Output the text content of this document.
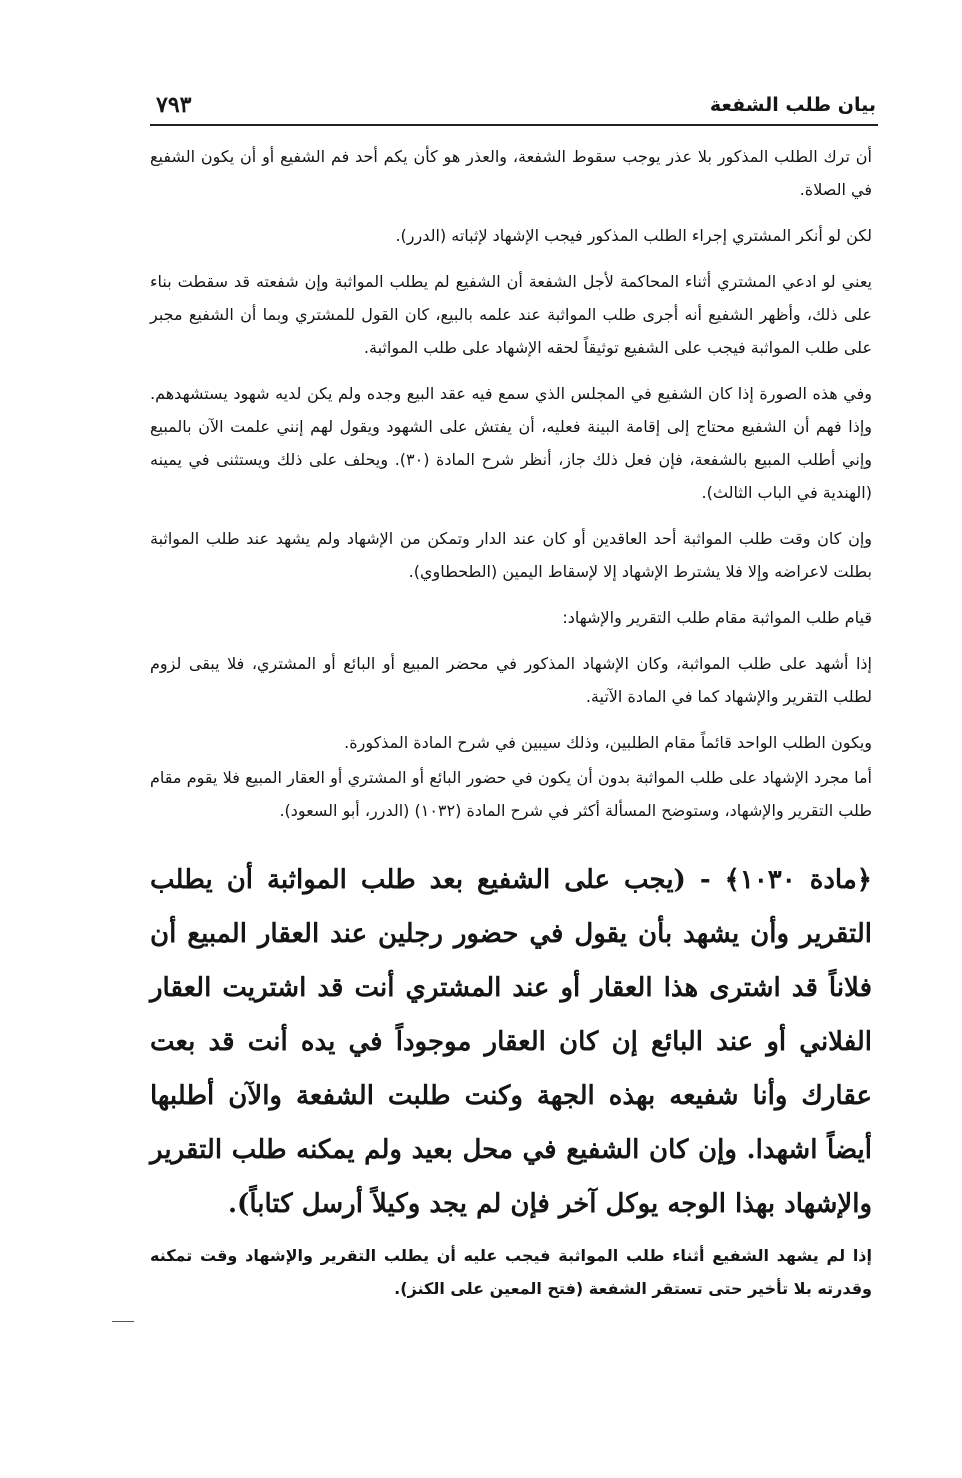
٧٩٣	بيان طلب الشفعة

أن ترك الطلب المذكور بلا عذر يوجب سقوط الشفعة، والعذر هو كأن يكم أحد فم الشفيع أو أن يكون الشفيع في الصلاة.

لكن لو أنكر المشتري إجراء الطلب المذكور فيجب الإشهاد لإثباته (الدرر).

يعني لو ادعي المشتري أثناء المحاكمة لأجل الشفعة أن الشفيع لم يطلب المواثبة وإن شفعته قد سقطت بناء على ذلك، وأظهر الشفيع أنه أجرى طلب المواثبة عند علمه بالبيع، كان القول للمشتري وبما أن الشفيع مجبر على طلب المواثبة فيجب على الشفيع توثيقاً لحقه الإشهاد على طلب المواثبة.

وفي هذه الصورة إذا كان الشفيع في المجلس الذي سمع فيه عقد البيع وجده ولم يكن لديه شهود يستشهدهم. وإذا فهم أن الشفيع محتاج إلى إقامة البينة فعليه، أن يفتش على الشهود ويقول لهم إنني علمت الآن بالمبيع وإني أطلب المبيع بالشفعة، فإن فعل ذلك جاز، أنظر شرح المادة (٣٠). ويحلف على ذلك ويستثنى في يمينه (الهندية في الباب الثالث).

وإن كان وقت طلب المواثبة أحد العاقدين أو كان عند الدار وتمكن من الإشهاد ولم يشهد عند طلب المواثبة بطلت لاعراضه وإلا فلا يشترط الإشهاد إلا لإسقاط اليمين (الطحطاوي).

قيام طلب المواثبة مقام طلب التقرير والإشهاد:

إذا أشهد على طلب المواثبة، وكان الإشهاد المذكور في محضر المبيع أو البائع أو المشتري، فلا يبقى لزوم لطلب التقرير والإشهاد كما في المادة الآتية.

ويكون الطلب الواحد قائماً مقام الطلبين، وذلك سيبين في شرح المادة المذكورة.

أما مجرد الإشهاد على طلب المواثبة بدون أن يكون في حضور البائع أو المشتري أو العقار المبيع فلا يقوم مقام طلب التقرير والإشهاد، وستوضح المسألة أكثر في شرح المادة (١٠٣٢) (الدرر، أبو السعود).

﴿مادة ١٠٣٠﴾ - (يجب على الشفيع بعد طلب المواثبة أن يطلب التقرير وأن يشهد بأن يقول في حضور رجلين عند العقار المبيع أن فلاناً قد اشترى هذا العقار أو عند المشتري أنت قد اشتريت العقار الفلاني أو عند البائع إن كان العقار موجوداً في يده أنت قد بعت عقارك وأنا شفيعه بهذه الجهة وكنت طلبت الشفعة والآن أطلبها أيضاً اشهدا. وإن كان الشفيع في محل بعيد ولم يمكنه طلب التقرير والإشهاد بهذا الوجه يوكل آخر فإن لم يجد وكيلاً أرسل كتاباً).

إذا لم يشهد الشفيع أثناء طلب المواثبة فيجب عليه أن يطلب التقرير والإشهاد وقت تمكنه وقدرته بلا تأخير حتى تستقر الشفعة (فتح المعين على الكنز).
